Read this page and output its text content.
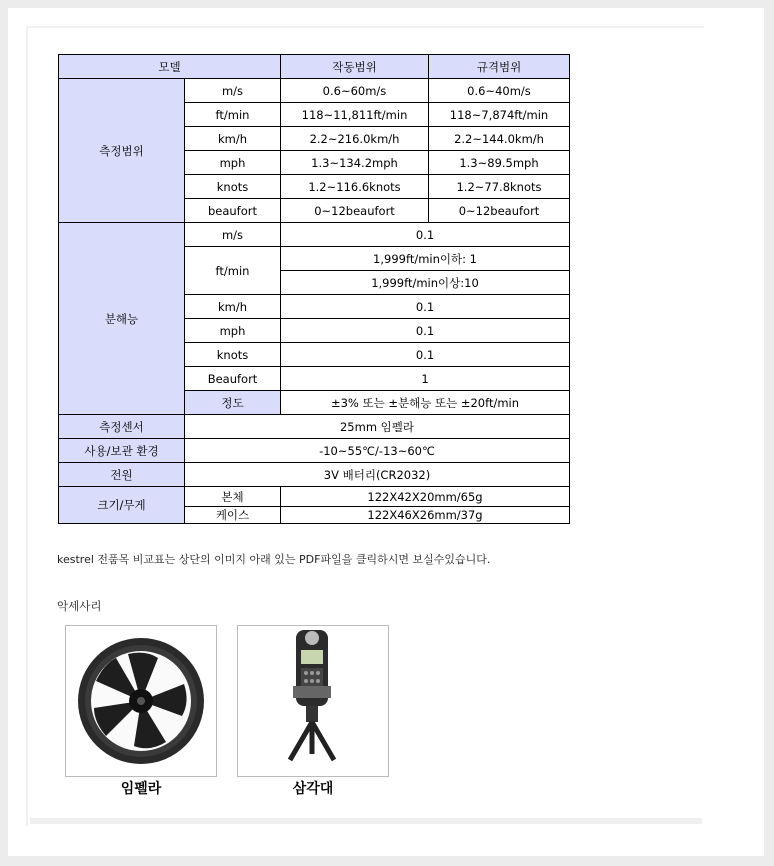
모델		작동범위	규격범위
측정범위	m/s	0.6~60m/s	0.6~40m/s
	ft/min	118~11,811ft/min	118~7,874ft/min
	km/h	2.2~216.0km/h	2.2~144.0km/h
	mph	1.3~134.2mph	1.3~89.5mph
	knots	1.2~116.6knots	1.2~77.8knots
	beaufort	0~12beaufort	0~12beaufort
분해능	m/s	0.1	
	ft/min	1,999ft/min이하: 1	
		1,999ft/min이상:10	
	km/h	0.1	
	mph	0.1	
	knots	0.1	
	Beaufort	1	
	정도	±3% 또는 ±분해능 또는 ±20ft/min	
측정센서	25mm 임펠라		
사용/보관 환경	-10~55℃/-13~60℃		
전원	3V 배터리(CR2032)		
크기/무게	본체	122X42X20mm/65g	
	케이스	122X46X26mm/37g	
kestrel 전품목 비교표는 상단의 이미지 아래 있는 PDF파일을 클릭하시면 보실수있습니다.
악세사리
임펠라	삼각대
